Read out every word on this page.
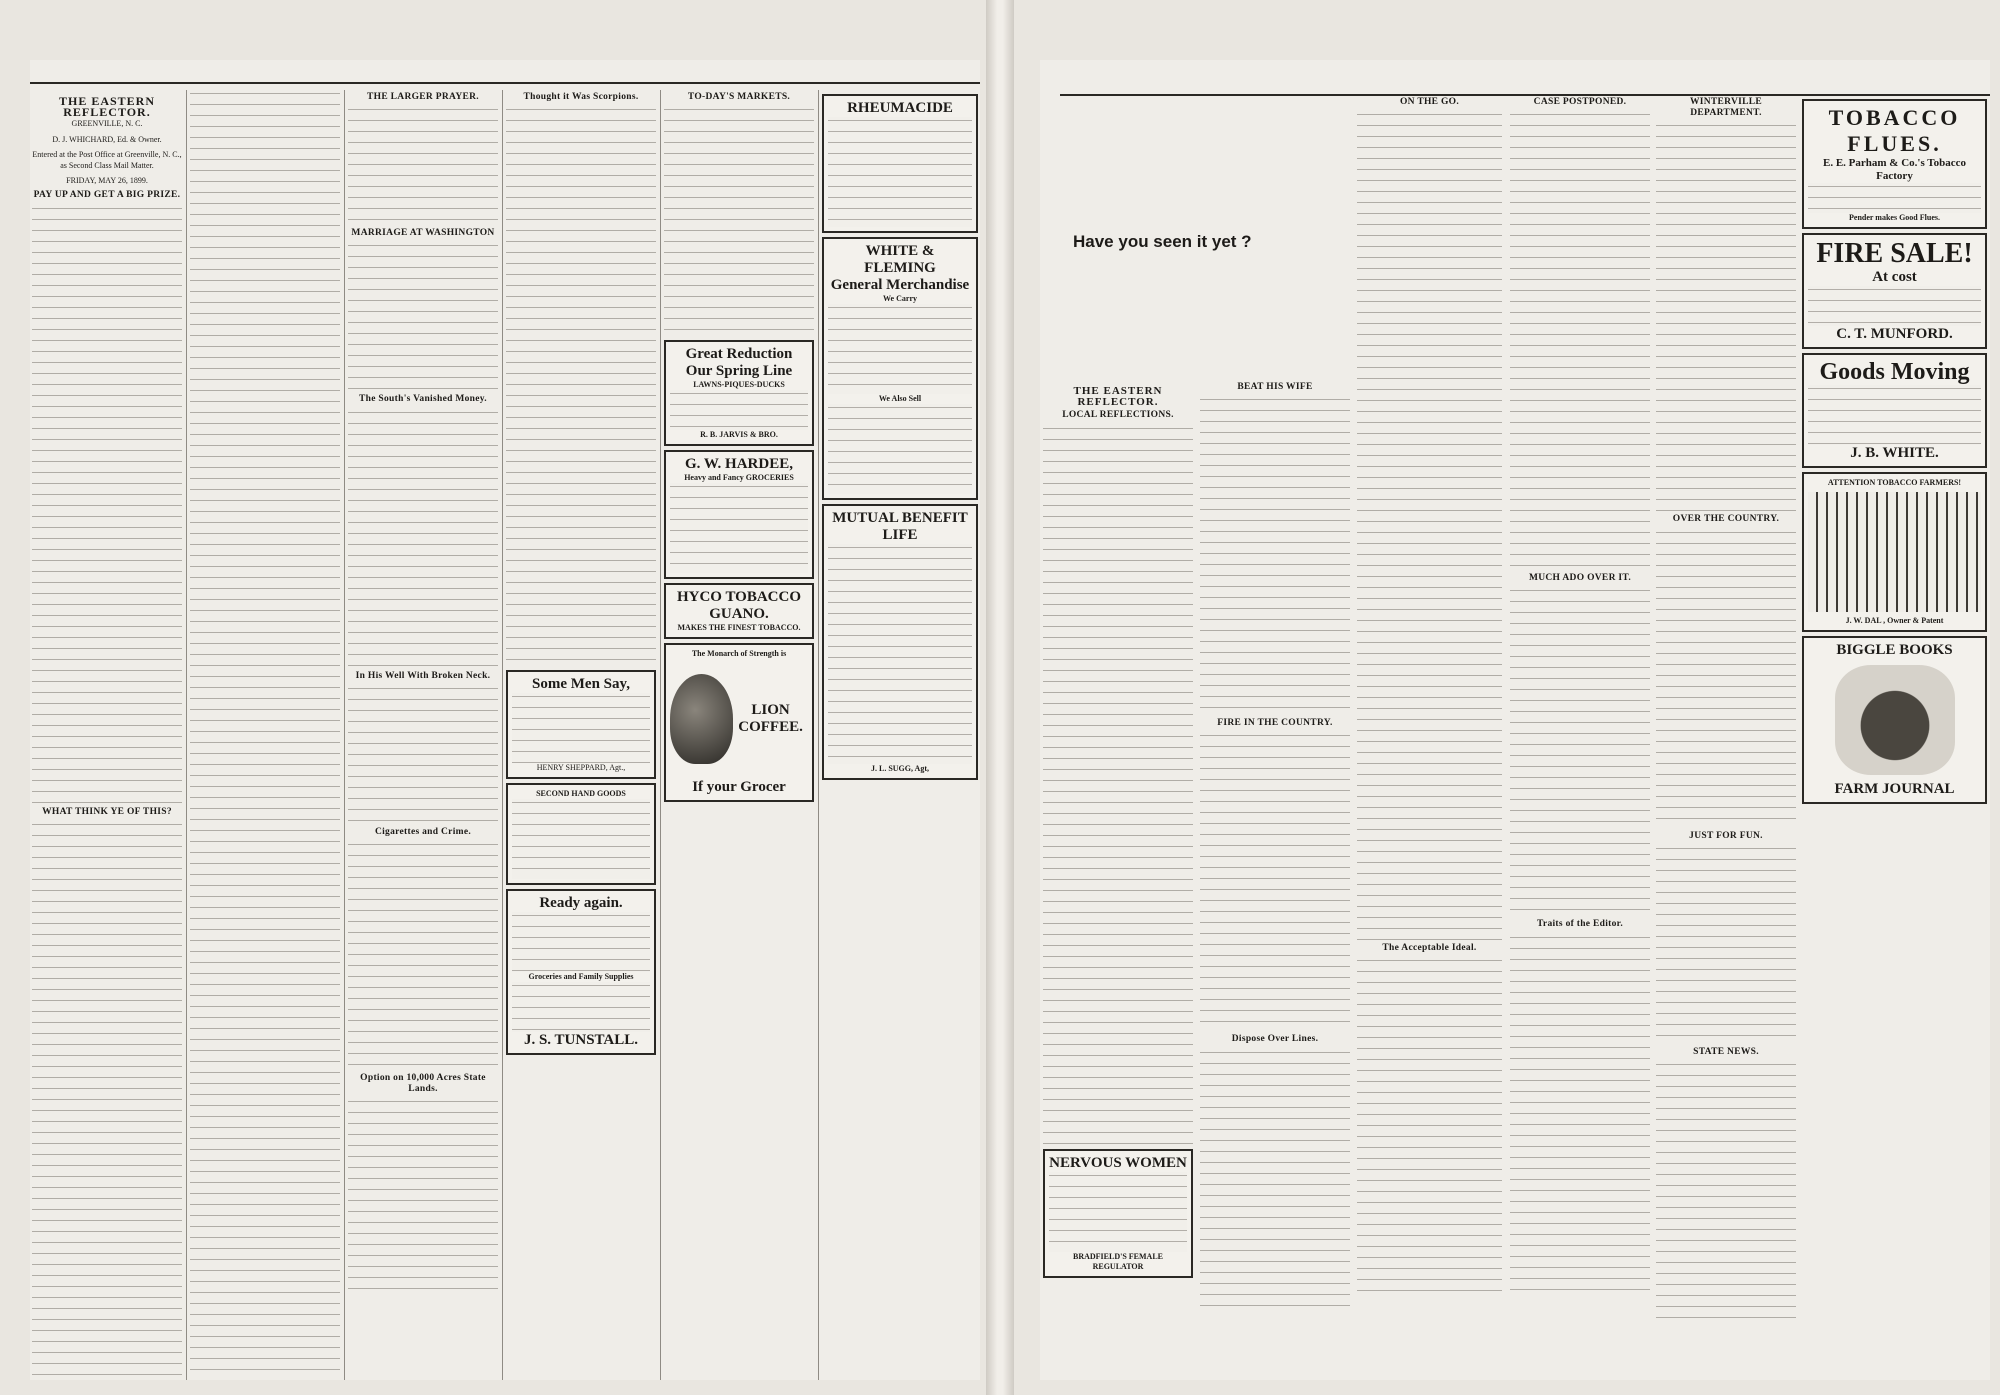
THE EASTERN REFLECTOR.
GREENVILLE, N. C.
D. J. WHICHARD, Ed. & Owner.
Entered at the Post Office at Greenville, N. C., as Second Class Mail Matter.
FRIDAY, MAY 26, 1899.
PAY UP AND GET A BIG PRIZE.
WHAT THINK YE OF THIS?
THE LARGER PRAYER.
MARRIAGE AT WASHINGTON
The South's Vanished Money.
In His Well With Broken Neck.
Cigarettes and Crime.
Option on 10,000 Acres State Lands.
Thought it Was Scorpions.
Some Men Say,
HENRY SHEPPARD, Agt.,
SECOND HAND GOODS
Ready again.
Groceries and Family Supplies
J. S. TUNSTALL.
TO-DAY'S MARKETS.
Great Reduction
Our Spring Line
LAWNS-PIQUES-DUCKS
R. B. JARVIS & BRO.
G. W. HARDEE,
Heavy and Fancy GROCERIES
HYCO TOBACCO GUANO.
MAKES THE FINEST TOBACCO.
The Monarch of Strength is
LION COFFEE.
If your Grocer
RHEUMACIDE
WHITE & FLEMING
General Merchandise
We Carry
We Also Sell
MUTUAL BENEFIT LIFE
J. L. SUGG, Agt,
Have you seen it yet ?
THE EASTERN REFLECTOR.
LOCAL REFLECTIONS.
NERVOUS WOMEN
BRADFIELD'S FEMALE REGULATOR
BEAT HIS WIFE
FIRE IN THE COUNTRY.
Dispose Over Lines.
ON THE GO.
The Acceptable Ideal.
CASE POSTPONED.
MUCH ADO OVER IT.
Traits of the Editor.
WINTERVILLE DEPARTMENT.
OVER THE COUNTRY.
JUST FOR FUN.
STATE NEWS.
TOBACCO FLUES.
E. E. Parham & Co.'s Tobacco Factory
Pender makes Good Flues.
FIRE SALE!
At cost
C. T. MUNFORD.
Goods Moving
J. B. WHITE.
ATTENTION TOBACCO FARMERS!
J. W. DAL , Owner & Patent
BIGGLE BOOKS
FARM JOURNAL
